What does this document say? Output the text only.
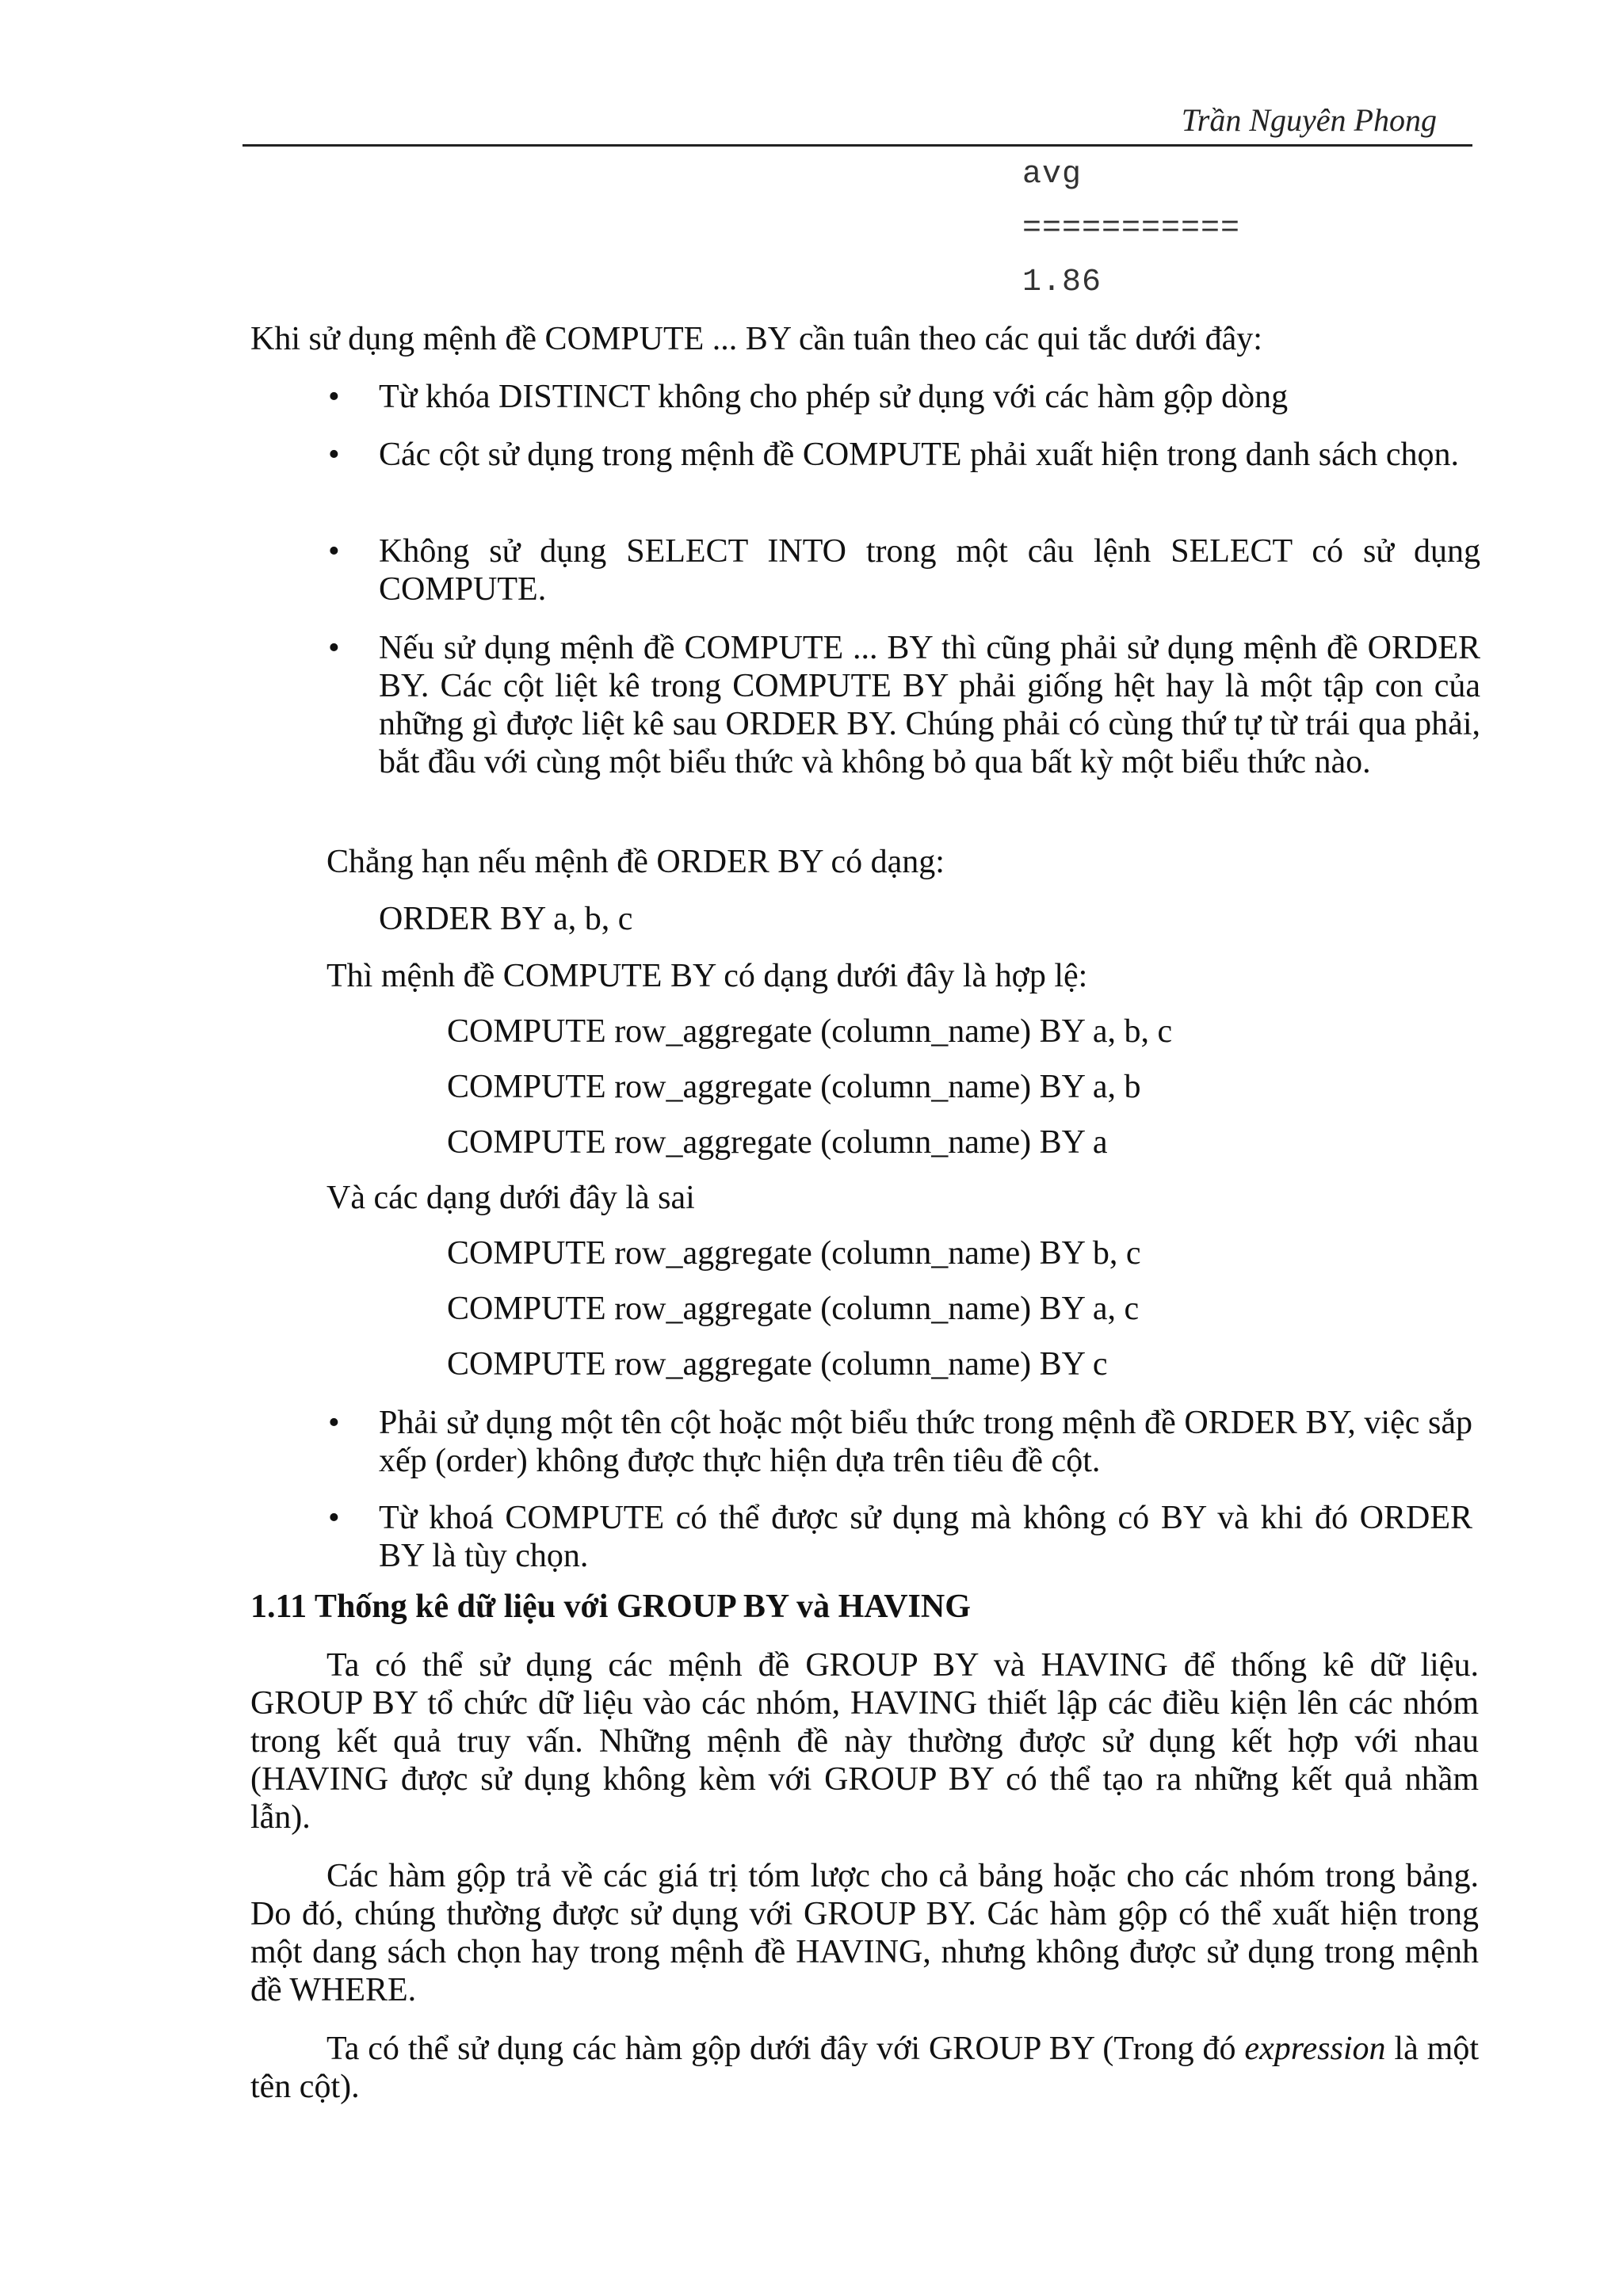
Trần Nguyên Phong
avg
===========
1.86
Khi sử dụng mệnh đề COMPUTE ... BY cần tuân theo các qui tắc dưới đây:
• Từ khóa DISTINCT không cho phép sử dụng với các hàm gộp dòng
• Các cột sử dụng trong mệnh đề COMPUTE phải xuất hiện trong danh sách chọn.
• Không sử dụng SELECT INTO trong một câu lệnh SELECT có sử dụng COMPUTE.
• Nếu sử dụng mệnh đề COMPUTE ... BY thì cũng phải sử dụng mệnh đề ORDER BY. Các cột liệt kê trong COMPUTE BY phải giống hệt hay là một tập con của những gì được liệt kê sau ORDER BY. Chúng phải có cùng thứ tự từ trái qua phải, bắt đầu với cùng một biểu thức và không bỏ qua bất kỳ một biểu thức nào.
Chẳng hạn nếu mệnh đề ORDER BY có dạng:
ORDER BY a, b, c
Thì mệnh đề COMPUTE BY có dạng dưới đây là hợp lệ:
COMPUTE row_aggregate (column_name) BY a, b, c
COMPUTE row_aggregate (column_name) BY a, b
COMPUTE row_aggregate (column_name) BY a
Và các dạng dưới đây là sai
COMPUTE row_aggregate (column_name) BY b, c
COMPUTE row_aggregate (column_name) BY a, c
COMPUTE row_aggregate (column_name) BY c
• Phải sử dụng một tên cột hoặc một biểu thức trong mệnh đề ORDER BY, việc sắp xếp (order) không được thực hiện dựa trên tiêu đề cột.
• Từ khoá COMPUTE có thể được sử dụng mà không có BY và khi đó ORDER BY là tùy chọn.
1.11 Thống kê dữ liệu với GROUP BY và HAVING
Ta có thể sử dụng các mệnh đề GROUP BY và HAVING để thống kê dữ liệu. GROUP BY tổ chức dữ liệu vào các nhóm, HAVING thiết lập các điều kiện lên các nhóm trong kết quả truy vấn. Những mệnh đề này thường được sử dụng kết hợp với nhau (HAVING được sử dụng không kèm với GROUP BY có thể tạo ra những kết quả nhầm lẫn).
Các hàm gộp trả về các giá trị tóm lược cho cả bảng hoặc cho các nhóm trong bảng. Do đó, chúng thường được sử dụng với GROUP BY. Các hàm gộp có thể xuất hiện trong một dang sách chọn hay trong mệnh đề HAVING, nhưng không được sử dụng trong mệnh đề WHERE.
Ta có thể sử dụng các hàm gộp dưới đây với GROUP BY (Trong đó expression là một tên cột).
